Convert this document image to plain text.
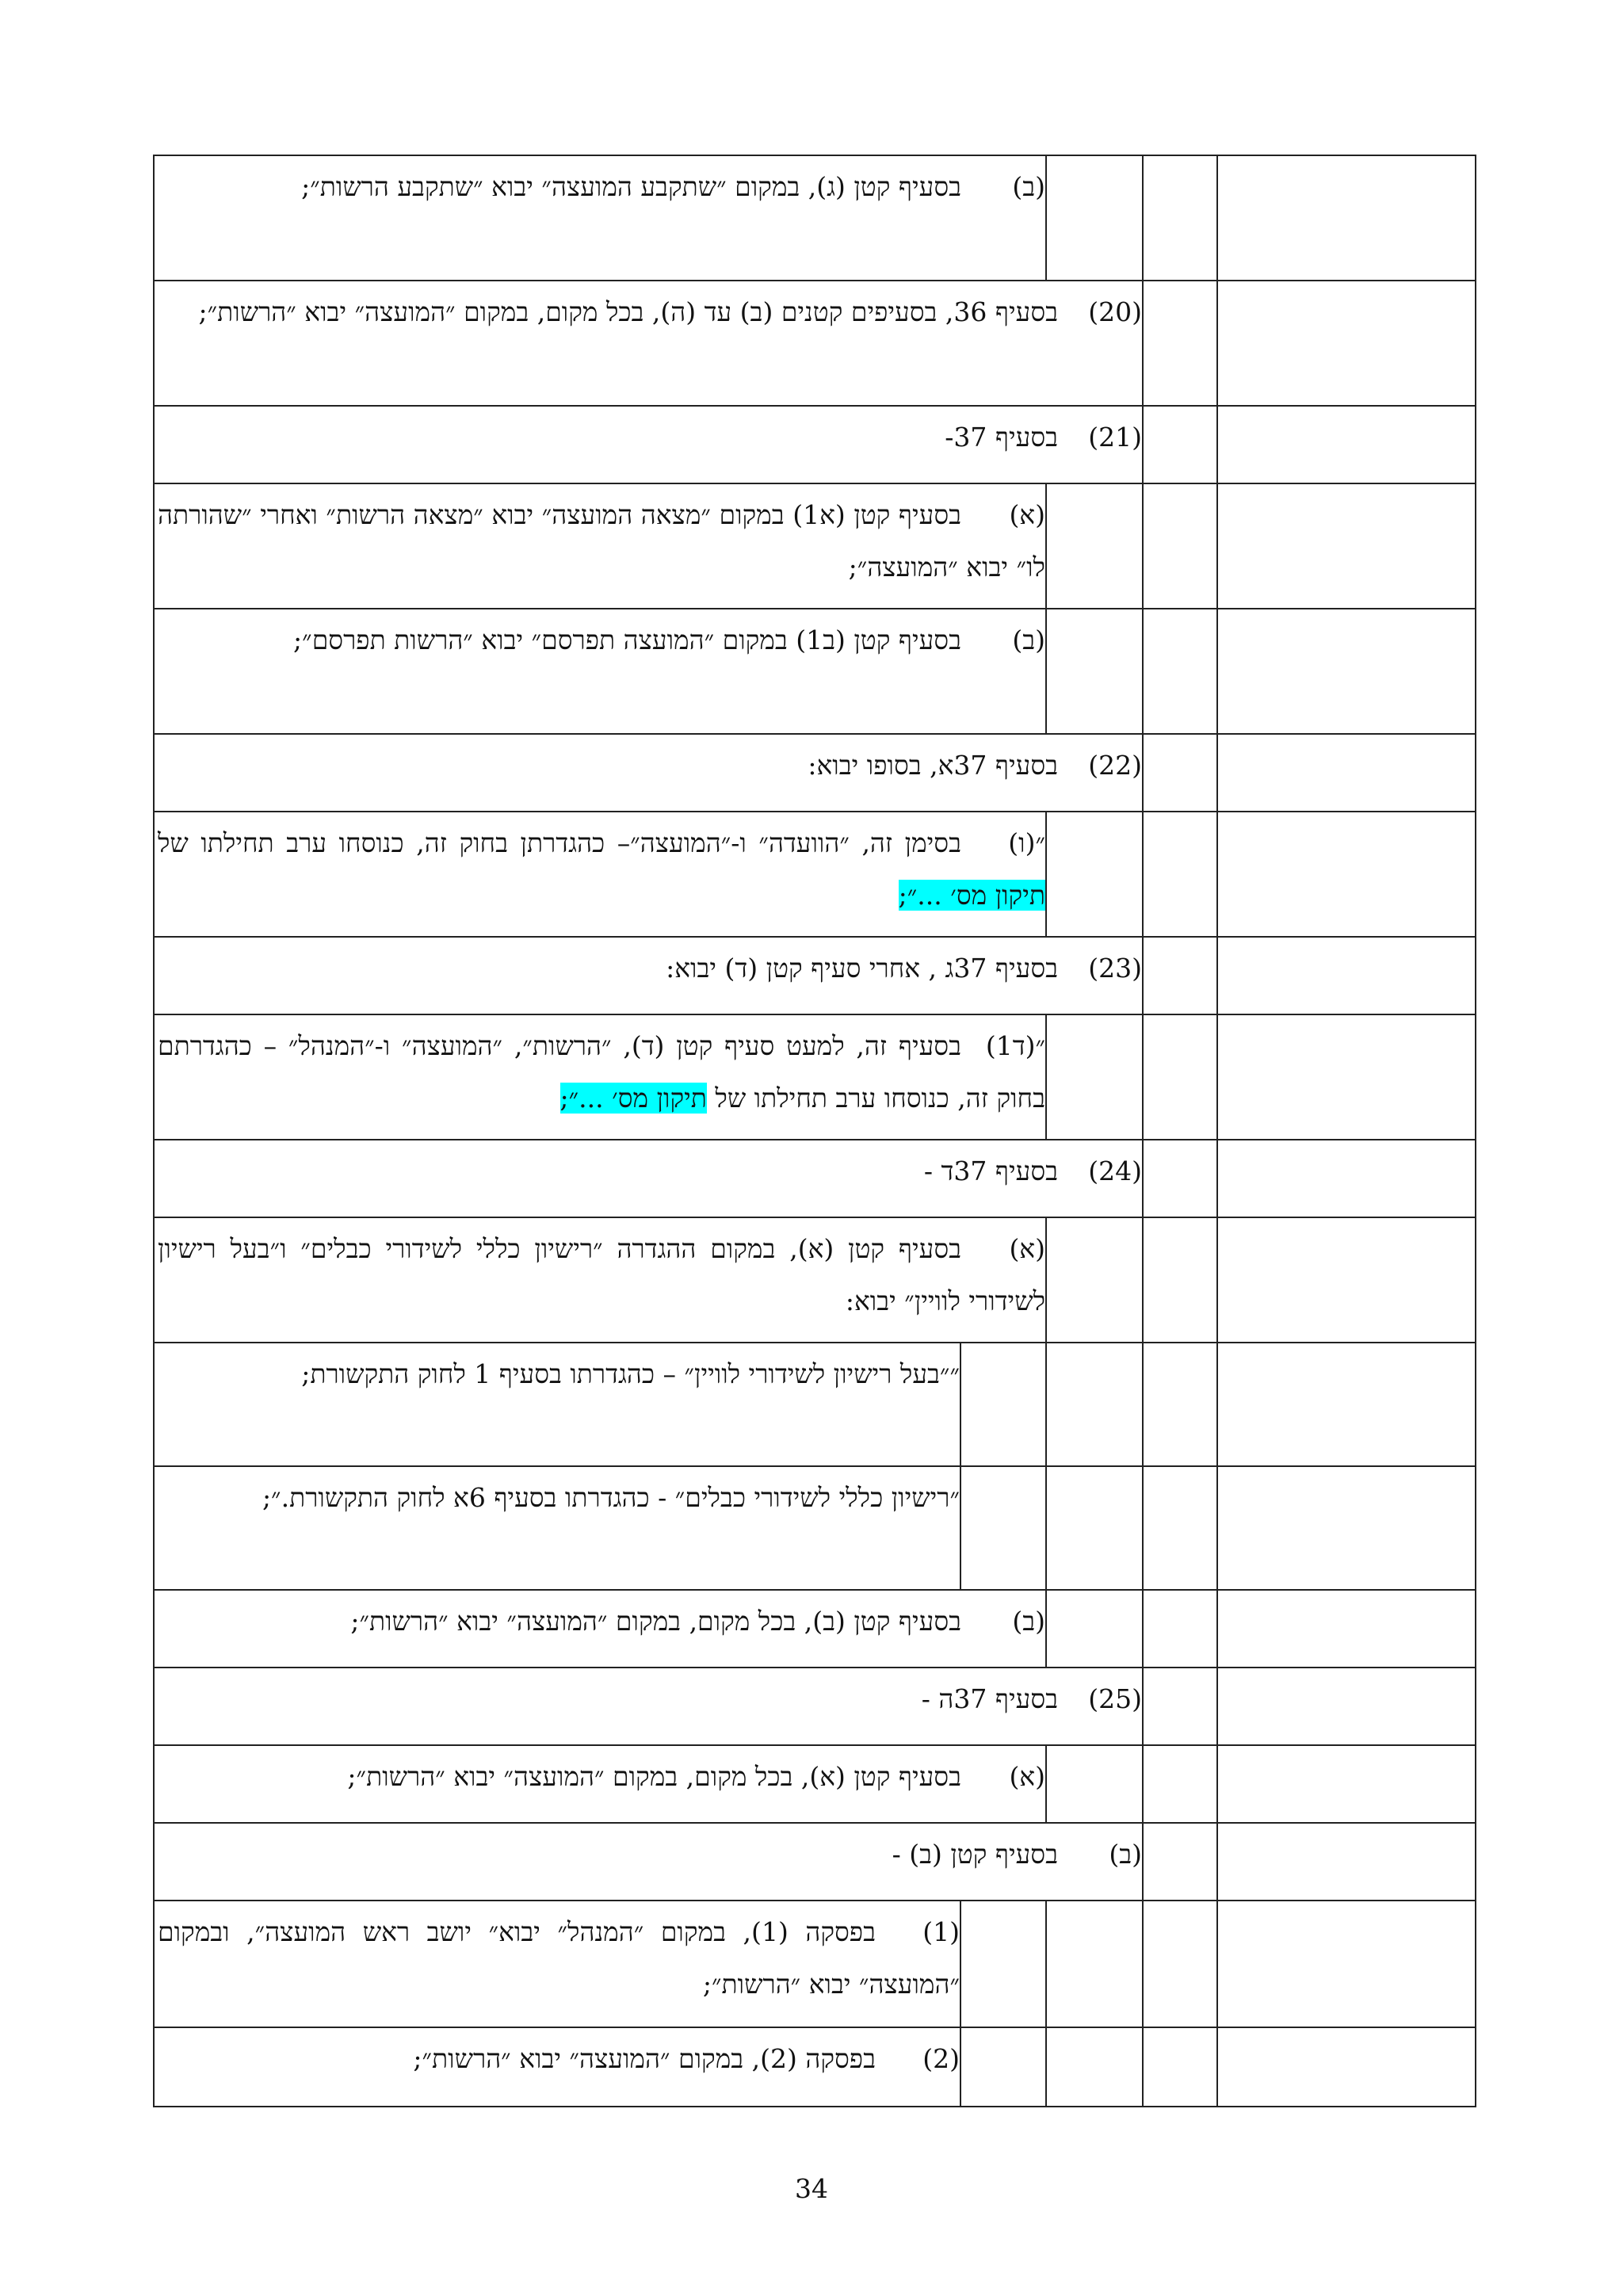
			(ב)בסעיף קטן (ג), במקום ״שתקבע המועצה״ יבוא ״שתקבע הרשות״;

		(20)בסעיף 36, בסעיפים קטנים (ב) עד (ה), בכל מקום, במקום ״המועצה״ יבוא ״הרשות״;	

		(21)בסעיף 37-	

			(א)בסעיף קטן (א1) במקום ״מצאה המועצה״ יבוא ״מצאה הרשות״ ואחרי ״שהורתה לו״ יבוא ״המועצה״;

			(ב)בסעיף קטן (ב1) במקום ״המועצה תפרסם״ יבוא ״הרשות תפרסם״;

		(22)בסעיף 37א, בסופו יבוא:	

			״(ו)בסימן זה, ״הוועדה״ ו-״המועצה״– כהגדרתן בחוק זה, כנוסחו ערב תחילתו של תיקון מס׳ ...״;

		(23)בסעיף 37ג , אחרי סעיף קטן (ד) יבוא:	

			״(ד1)בסעיף זה, למעט סעיף קטן (ד), ״הרשות״, ״המועצה״ ו-״המנהל״ – כהגדרתם בחוק זה, כנוסחו ערב תחילתו של תיקון מס׳ ...״;

		(24)בסעיף 37ד -	

			(א)בסעיף קטן (א), במקום ההגדרה ״רישיון כללי לשידורי כבלים״ ו״בעל רישיון לשידורי לוויין״ יבוא:

			״״בעל רישיון לשידורי לוויין״ – כהגדרתו בסעיף 1 לחוק התקשורת;

			״רישיון כללי לשידורי כבלים״ - כהגדרתו בסעיף 6א לחוק התקשורת.״;

			(ב)בסעיף קטן (ב), בכל מקום, במקום ״המועצה״ יבוא ״הרשות״;

		(25)בסעיף 37ה -	

			(א)בסעיף קטן (א), בכל מקום, במקום ״המועצה״ יבוא ״הרשות״;

		(ב)בסעיף קטן (ב) -	

			(1)בפסקה (1), במקום ״המנהל״ יבוא״ יושב ראש המועצה״, ובמקום ״המועצה״ יבוא ״הרשות״;

			(2)בפסקה (2), במקום ״המועצה״ יבוא ״הרשות״;
34
